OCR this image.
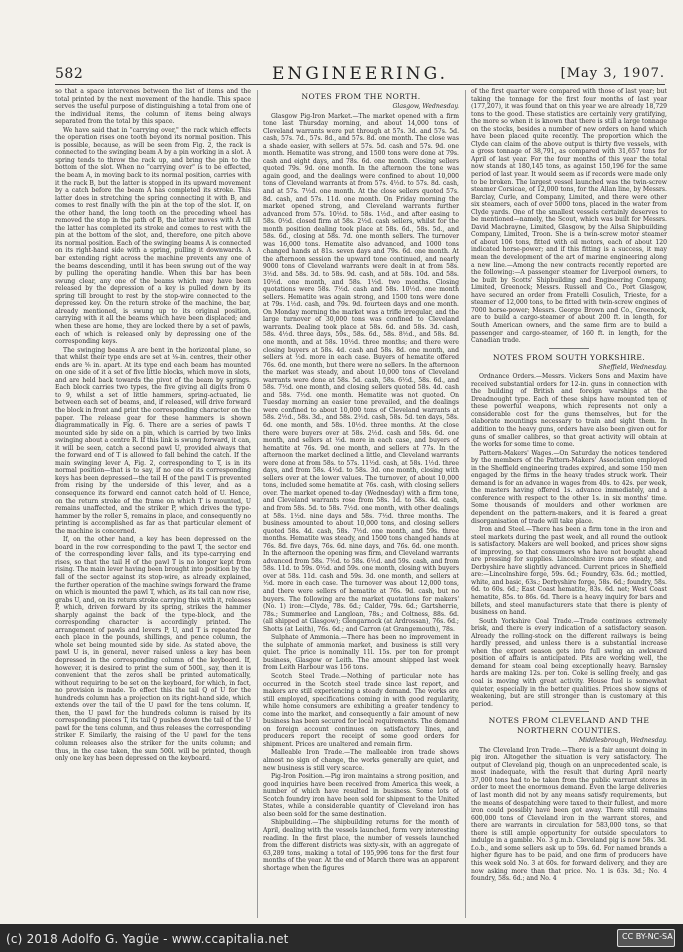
582	ENGINEERING.	[May 3, 1907.

so that a space intervenes between the list of items and the total printed by the next movement of the handle. This space serves the useful purpose of distinguishing a total from one of the individual items, the column of items being always separated from the total by this space.

We have said that in "carrying over," the rack which effects the operation rises one tooth beyond its normal position. This is possible, because, as will be seen from Fig. 2, the rack is connected to the swinging beam A by a pin working in a slot. A spring tends to throw the rack up, and bring the pin to the bottom of the slot. When no "carrying over" is to be effected, the beam A, in moving back to its normal position, carries with it the rack B, but the latter is stopped in its upward movement by a catch before the beam A has completed its stroke. This latter does in stretching the spring connecting it with B, and comes to rest finally with the pin at the top of the slot. If, on the other hand, the long tooth on the preceding wheel has removed the stop in the path of B, the latter moves with A till the latter has completed its stroke and comes to rest with the pin at the bottom of the slot, and, therefore, one pitch above its normal position. Each of the swinging beams A is connected on its right-hand side with a spring, pulling it downwards. A bar extending right across the machine prevents any one of the beams descending, until it has been swung out of the way by pulling the operating handle. When this bar has been swung clear, any one of the beams which may have been released by the depression of a key is pulled down by its spring till brought to rest by the stop-wire connected to the depressed key. On the return stroke of the machine, the bar, already mentioned, is swung up to its original position, carrying with it all the beams which have been displaced; and when these are home, they are locked there by a set of pawls, each of which is released only by depressing one of the corresponding keys.

The swinging beams A are bent in the horizontal plane, so that whilst their type ends are set at ⅛-in. centres, their other ends are ⅝ in. apart. At its type end each beam has mounted on one side of it a set of five little blocks, which move in slots, and are held back towards the pivot of the beam by springs. Each block carries two types, the five giving all digits from 0 to 9, whilst a set of little hammers, spring-actuated, lie between each set of beams, and, if released, will drive forward the block in front and print the corresponding character on the paper. The release gear for these hammers is shown diagrammatically in Fig. 6. There are a series of pawls T mounted side by side on a pin, which is carried by two links swinging about a centre R. If this link is swung forward, it can, it will be seen, catch a second pawl U, provided always that the forward end of T is allowed to fall behind the catch. If the main swinging lever A, Fig. 2, corresponding to T, is in its normal position—that is to say, if no one of its corresponding keys has been depressed—the tail H of the pawl T is prevented from rising by the underside of this lever, and as a consequence its forward end cannot catch hold of U. Hence, on the return stroke of the frame on which T is mounted, U remains unaffected, and the striker P, which drives the type-hammer by the roller S, remains in place, and consequently no printing is accomplished as far as that particular element of the machine is concerned.

If, on the other hand, a key has been depressed on the board in the row corresponding to the pawl T, the sector end of the corresponding lever falls, and its type-carrying end rises, so that the tail H of the pawl T is no longer kept from rising. The main lever having been brought into position by the fall of the sector against its stop-wire, as already explained, the further operation of the machine swings forward the frame on which is mounted the pawl T, which, as its tail can now rise, grabs U, and, on its return stroke carrying this with it, releases P, which, driven forward by its spring, strikes the hammer sharply against the back of the type-block, and the corresponding character is accordingly printed. The arrangement of pawls and levers P, U, and T is repeated for each place in the pounds, shillings, and pence column, the whole set being mounted side by side. As stated above, the pawl U is, in general, never raised unless a key has been depressed in the corresponding column of the keyboard. If, however, it is desired to print the sum of 500l., say, then it is convenient that the zeros shall be printed automatically, without requiring to be set on the keyboard, for which, in fact, no provision is made. To effect this the tail Q of U for the hundreds column has a projection on its right-hand side, which extends over the tail of the U pawl for the tens column. If, then, the U pawl for the hundreds column is raised by its corresponding pieces T, its tail Q pushes down the tail of the U pawl for the tens column, and thus releases the corresponding striker F. Similarly, the raising of the U pawl for the tens column releases also the striker for the units column; and thus, in the case taken, the sum 500l. will be printed, though only one key has been depressed on the keyboard.

NOTES FROM THE NORTH.
Glasgow, Wednesday.

Glasgow Pig-Iron Market.—The market opened with a firm tone last Thursday morning, and about 14,000 tons of Cleveland warrants were put through at 57s. 3d. and 57s. 5d. cash, 57s. 7d., 57s. 8d., and 57s. 8d. one month. The close was a shade easier, with sellers at 57s. 5d. cash and 57s. 9d. one month. Hematite was strong, and 1500 tons were done at 79s. cash and eight days, and 78s. 6d. one month. Closing sellers quoted 79s. 9d. one month. In the afternoon the tone was again good, and the dealings were confined to about 10,000 tons of Cleveland warrants at from 57s. 4½d. to 57s. 8d. cash, and at 57s. 7½d. one month. At the close sellers quoted 57s. 8d. cash, and 57s. 11d. one month. On Friday morning the market opened strong, and Cleveland warrants further advanced from 57s. 10½d. to 58s. 1½d., and after easing to 58s. 0½d. closed firm at 58s. 2½d. cash sellers, whilst for the month position dealing took place at 58s. 6d., 58s. 5d., and 58s. 6d., closing at 58s. 7d. one month sellers. The turnover was 16,000 tons. Hematite also advanced, and 1000 tons changed hands at 81s. seven days and 79s. 6d. one month. At the afternoon session the upward tone continued, and nearly 9000 tons of Cleveland warrants were dealt in at from 58s. 3½d. and 58s. 3d. to 58s. 9d. cash, and at 58s. 10d. and 58s. 10½d. one month, and 58s. 1½d. two months. Closing quotations were 58s. 7½d. cash and 58s. 10½d. one month sellers. Hematite was again strong, and 1500 tons were done at 79s. 1½d. cash, and 79s. 9d. fourteen days and one month. On Monday morning the market was a trifle irregular, and the large turnover of 30,000 tons was confined to Cleveland warrants. Dealing took place at 58s. 6d. and 58s. 3d. cash, 58s. 4½d. three days, 59s., 58s. 6d., 58s. 8½d., and 58s. 8d. one month, and at 58s. 10½d. three months; and there were closing buyers at 58s. 4d. cash and 58s. 8d. one month, and sellers at ½d. more in each case. Buyers of hematite offered 76s. 6d. one month, but there were no sellers. In the afternoon the market was steady, and about 10,000 tons of Cleveland warrants were done at 58s. 5d. cash, 58s. 6½d., 58s. 6d., and 58s. 7½d. one month, and closing sellers quoted 58s. 4d. cash and 58s. 7½d. one month. Hematite was not quoted. On Tuesday morning an easier tone prevailed, and the dealings were confined to about 10,000 tons of Cleveland warrants at 58s. 2½d., 58s. 3d., and 58s. 2½d. cash, 58s. 5d. ten days, 58s. 6d. one month, and 58s. 10½d. three months. At the close there were buyers over at 58s. 2½d. cash and 58s. 6d. one month, and sellers at ½d. more in each case, and buyers of hematite at 76s. 9d. one month, and sellers at 77s. In the afternoon the market declined a little, and Cleveland warrants were done at from 58s. to 57s. 11½d. cash, at 58s. 1½d. three days, and from 58s. 4½d. to 58s. 3d. one month, closing with sellers over at the lower values. The turnover, of about 10,000 tons, included some hematite at 76s. cash, with closing sellers over. The market opened to-day (Wednesday) with a firm tone, and Cleveland warrants rose from 58s. 1d. to 58s. 4d. cash, and from 58s. 5d. to 58s. 7½d. one month, with other dealings at 58s. 1½d. nine days and 58s. 7½d. three months. The business amounted to about 10,000 tons, and closing sellers quoted 58s. 4d. cash, 58s. 7½d. one month, and 59s. three months. Hematite was steady, and 1500 tons changed hands at 76s. 8d. five days, 76s. 6d. nine days, and 76s. 6d. one month. In the afternoon the opening was firm, and Cleveland warrants advanced from 58s. 7½d. to 58s. 6½d. and 59s. cash, and from 58s. 11d. to 59s. 0½d. and 59s. one month, closing with buyers over at 58s. 11d. cash and 59s. 3d. one month, and sellers at ½d. more in each case. The turnover was about 12,000 tons, and there were sellers of hematite at 76s. 9d. cash, but no buyers. The following are the market quotations for makers' (No. 1) iron:—Clyde, 78s. 6d.; Calder, 79s. 6d.; Gartsherrie, 78s.; Summerlee and Langloan, 78s.; and Coltness, 88s. 6d. (all shipped at Glasgow); Glengarnock (at Ardrossan), 76s. 6d.; Shotts (at Leith), 76s. 6d.; and Carron (at Grangemouth), 78s.

Sulphate of Ammonia.—There has been no improvement in the sulphate of ammonia market, and business is still very quiet. The price is nominally 11l. 15s. per ton for prompt business, Glasgow or Leith. The amount shipped last week from Leith Harbour was 156 tons.

Scotch Steel Trade.—Nothing of particular note has occurred in the Scotch steel trade since last report, and makers are still experiencing a steady demand. The works are still employed, specifications coming in with good regularity, while home consumers are exhibiting a greater tendency to come into the market, and consequently a fair amount of new business has been secured for local requirements. The demand on foreign account continues on satisfactory lines, and producers report the receipt of some good orders for shipment. Prices are unaltered and remain firm.

Malleable Iron Trade.—The malleable iron trade shows almost no sign of change, the works generally are quiet, and new business is still very scarce.

Pig-Iron Position.—Pig iron maintains a strong position, and good inquiries have been received from America this week, a number of which have resulted in business. Some lots of Scotch foundry iron have been sold for shipment to the United States, while a considerable quantity of Cleveland iron has also been sold for the same destination.

Shipbuilding.—The shipbuilding returns for the month of April, dealing with the vessels launched, form very interesting reading. In the first place, the number of vessels launched from the different districts was sixty-six, with an aggregate of 63,289 tons, making a total of 195,996 tons for the first four months of the year. At the end of March there was an apparent shortage when the figures

of the first quarter were compared with those of last year; but taking the tonnage for the first four months of last year (177,207), it was found that on this year we are already 18,729 tons to the good. These statistics are certainly very gratifying, the more so when it is known that there is still a large tonnage on the stocks, besides a number of new orders on hand which have been placed quite recently. The proportion which the Clyde can claim of the above output is thirty five vessels, with a gross tonnage of 38,791, as compared with 31,657 tons for April of last year. For the four months of this year the total now stands at 180,145 tons, as against 150,196 for the same period of last year. It would seem as if records were made only to be broken. The largest vessel launched was the twin-screw steamer Corsicae, of 12,000 tons, for the Allan line, by Messrs. Barclay, Curle, and Company, Limited, and there were other six steamers, each of over 5000 tons, placed in the water from Clyde yards. One of the smallest vessels certainly deserves to be mentioned—namely, the Scout, which was built for Messrs. David Macbrayne, Limited, Glasgow, by the Ailsa Shipbuilding Company, Limited, Troon. She is a twin-screw motor steamer of about 106 tons, fitted with oil motors, each of about 120 indicated horse-power; and if this fitting is a success, it may mean the development of the art of marine engineering along a new line.—Among the new contracts recently reported are the following:—A passenger steamer for Liverpool owners, to be built by Scotts' Shipbuilding and Engineering Company, Limited, Greenock; Messrs. Russell and Co., Port Glasgow, have secured an order from Fratelli Cosulich, Trieste, for a steamer of 12,000 tons, to be fitted with twin-screw engines of 7000 horse-power; Messrs. George Brown and Co., Greenock, are to build a cargo-steamer of about 200 ft. in length, for South American owners, and the same firm are to build a passenger and cargo-steamer, of 160 ft. in length, for the Canadian trade.

NOTES FROM SOUTH YORKSHIRE.
Sheffield, Wednesday.

Ordnance Orders.—Messrs. Vickers Sons and Maxim have received substantial orders for 12-in. guns in connection with the building of British and foreign warships at the Dreadnought type. Each of these ships have mounted ten of these powerful weapons, which represents not only a considerable cost for the guns themselves, but for the elaborate mountings necessary to train and sight them. In addition to the heavy guns, orders have also been given out for guns of smaller calibres, so that great activity will obtain at the works for some time to come.

Pattern-Makers' Wages.—On Saturday the notices tendered by the members of the Pattern-Makers' Association employed in the Sheffield engineering trades expired, and some 150 men engaged by the firms in the heavy trades struck work. Their demand is for an advance in wages from 40s. to 42s. per week, the masters having offered 1s. advance immediately, and a conference with respect to the other 1s. in six months' time. Some thousands of moulders and other workmen are dependent on the pattern-makers, and it is feared a great disorganisation of trade will take place.

Iron and Steel.—There has been a firm tone in the iron and steel markets during the past week, and all round the outlook is satisfactory. Makers are well booked, and prices show signs of improving, so that consumers who have not bought ahead are pressing for supplies. Lincolnshire irons are steady, and Derbyshire have slightly advanced. Current prices in Sheffield are:—Lincolnshire forge, 59s. 6d.; Foundry, 63s. 6d.; mottled, white, and basic, 63s.; Derbyshire forge, 58s. 6d.; foundry, 58s. 6d. to 60s. 6d.; East Coast hematite, 83s. 6d. net; West Coast hematite, 85s. to 86s. 6d. There is a heavy inquiry for bars and billets, and steel manufacturers state that there is plenty of business on hand.

South Yorkshire Coal Trade.—Trade continues extremely brisk, and there is every indication of a satisfactory season. Already the rolling-stock on the different railways is being hardly pressed, and unless there is a substantial increase when the export season gets into full swing an awkward position of affairs is anticipated. Pits are working well, the demand for steam coal being exceptionally heavy. Barnsley hards are making 12s. per ton. Coke is selling freely, and gas coal is moving with great activity. House fuel is somewhat quieter, especially in the better qualities. Prices show signs of weakening, but are still stronger than is customary at this period.

NOTES FROM CLEVELAND AND THE NORTHERN COUNTIES.
Middlesbrough, Wednesday.

The Cleveland Iron Trade.—There is a fair amount doing in pig iron. Altogether the situation is very satisfactory. The output of Cleveland pig, though on an unprecedented scale, is most inadequate, with the result that during April nearly 37,000 tons had to be taken from the public warrant stores in order to meet the enormous demand. Even the large deliveries of last month did not by any means satisfy requirements, but the means of despatching were taxed to their fullest, and more iron could possibly have been got away. There still remains 600,000 tons of Cleveland iron in the warrant stores, and there are warrants in circulation for 583,000 tons, so that there is still ample opportunity for outside speculators to indulge in a gamble. No. 3 g.m.b. Cleveland pig is now 58s. 3d. f.o.b., and some sellers ask up to 59s. 6d. For named brands a higher figure has to be paid, and one firm of producers have this week sold No. 3 at 60s. for forward delivery, and they are now asking more than that price. No. 1 is 63s. 3d.; No. 4 foundry, 58s. 6d.; and No. 4

(c) 2018 Adolfo G. Yagüe - www.ccapitalia.net	CC BY-NC-SA
